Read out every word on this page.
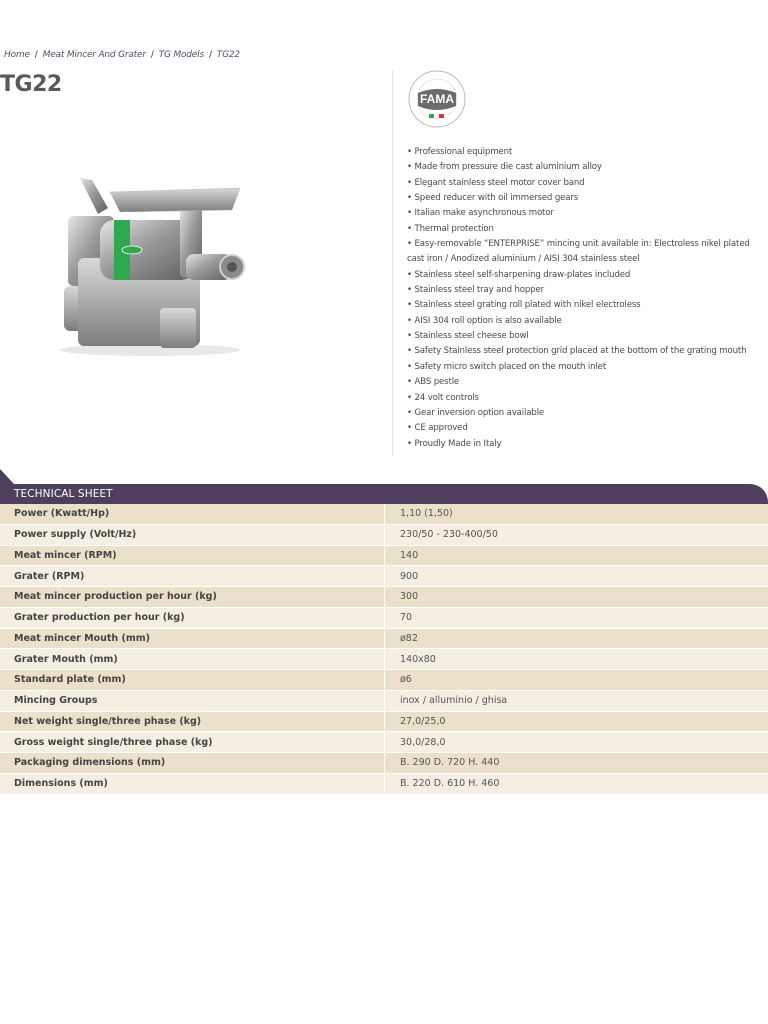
Home / Meat Mincer And Grater / TG Models / TG22
TG22
FAMA
• Professional equipment
• Made from pressure die cast aluminium alloy
• Elegant stainless steel motor cover band
• Speed reducer with oil immersed gears
• Italian make asynchronous motor
• Thermal protection
• Easy-removable “ENTERPRISE” mincing unit available in: Electroless nikel plated cast iron / Anodized aluminium / AISI 304 stainless steel
• Stainless steel self-sharpening draw-plates included
• Stainless steel tray and hopper
• Stainless steel grating roll plated with nikel electroless
• AISI 304 roll option is also available
• Stainless steel cheese bowl
• Safety Stainless steel protection grid placed at the bottom of the grating mouth
• Safety micro switch placed on the mouth inlet
• ABS pestle
• 24 volt controls
• Gear inversion option available
• CE approved
• Proudly Made in Italy
TECHNICAL SHEET
Power (Kwatt/Hp)	1,10 (1,50)
Power supply (Volt/Hz)	230/50 - 230-400/50
Meat mincer (RPM)	140
Grater (RPM)	900
Meat mincer production per hour (kg)	300
Grater production per hour (kg)	70
Meat mincer Mouth (mm)	ø82
Grater Mouth (mm)	140x80
Standard plate (mm)	ø6
Mincing Groups	inox / alluminio / ghisa
Net weight single/three phase (kg)	27,0/25,0
Gross weight single/three phase (kg)	30,0/28,0
Packaging dimensions (mm)	B. 290 D. 720 H. 440
Dimensions (mm)	B. 220 D. 610 H. 460
